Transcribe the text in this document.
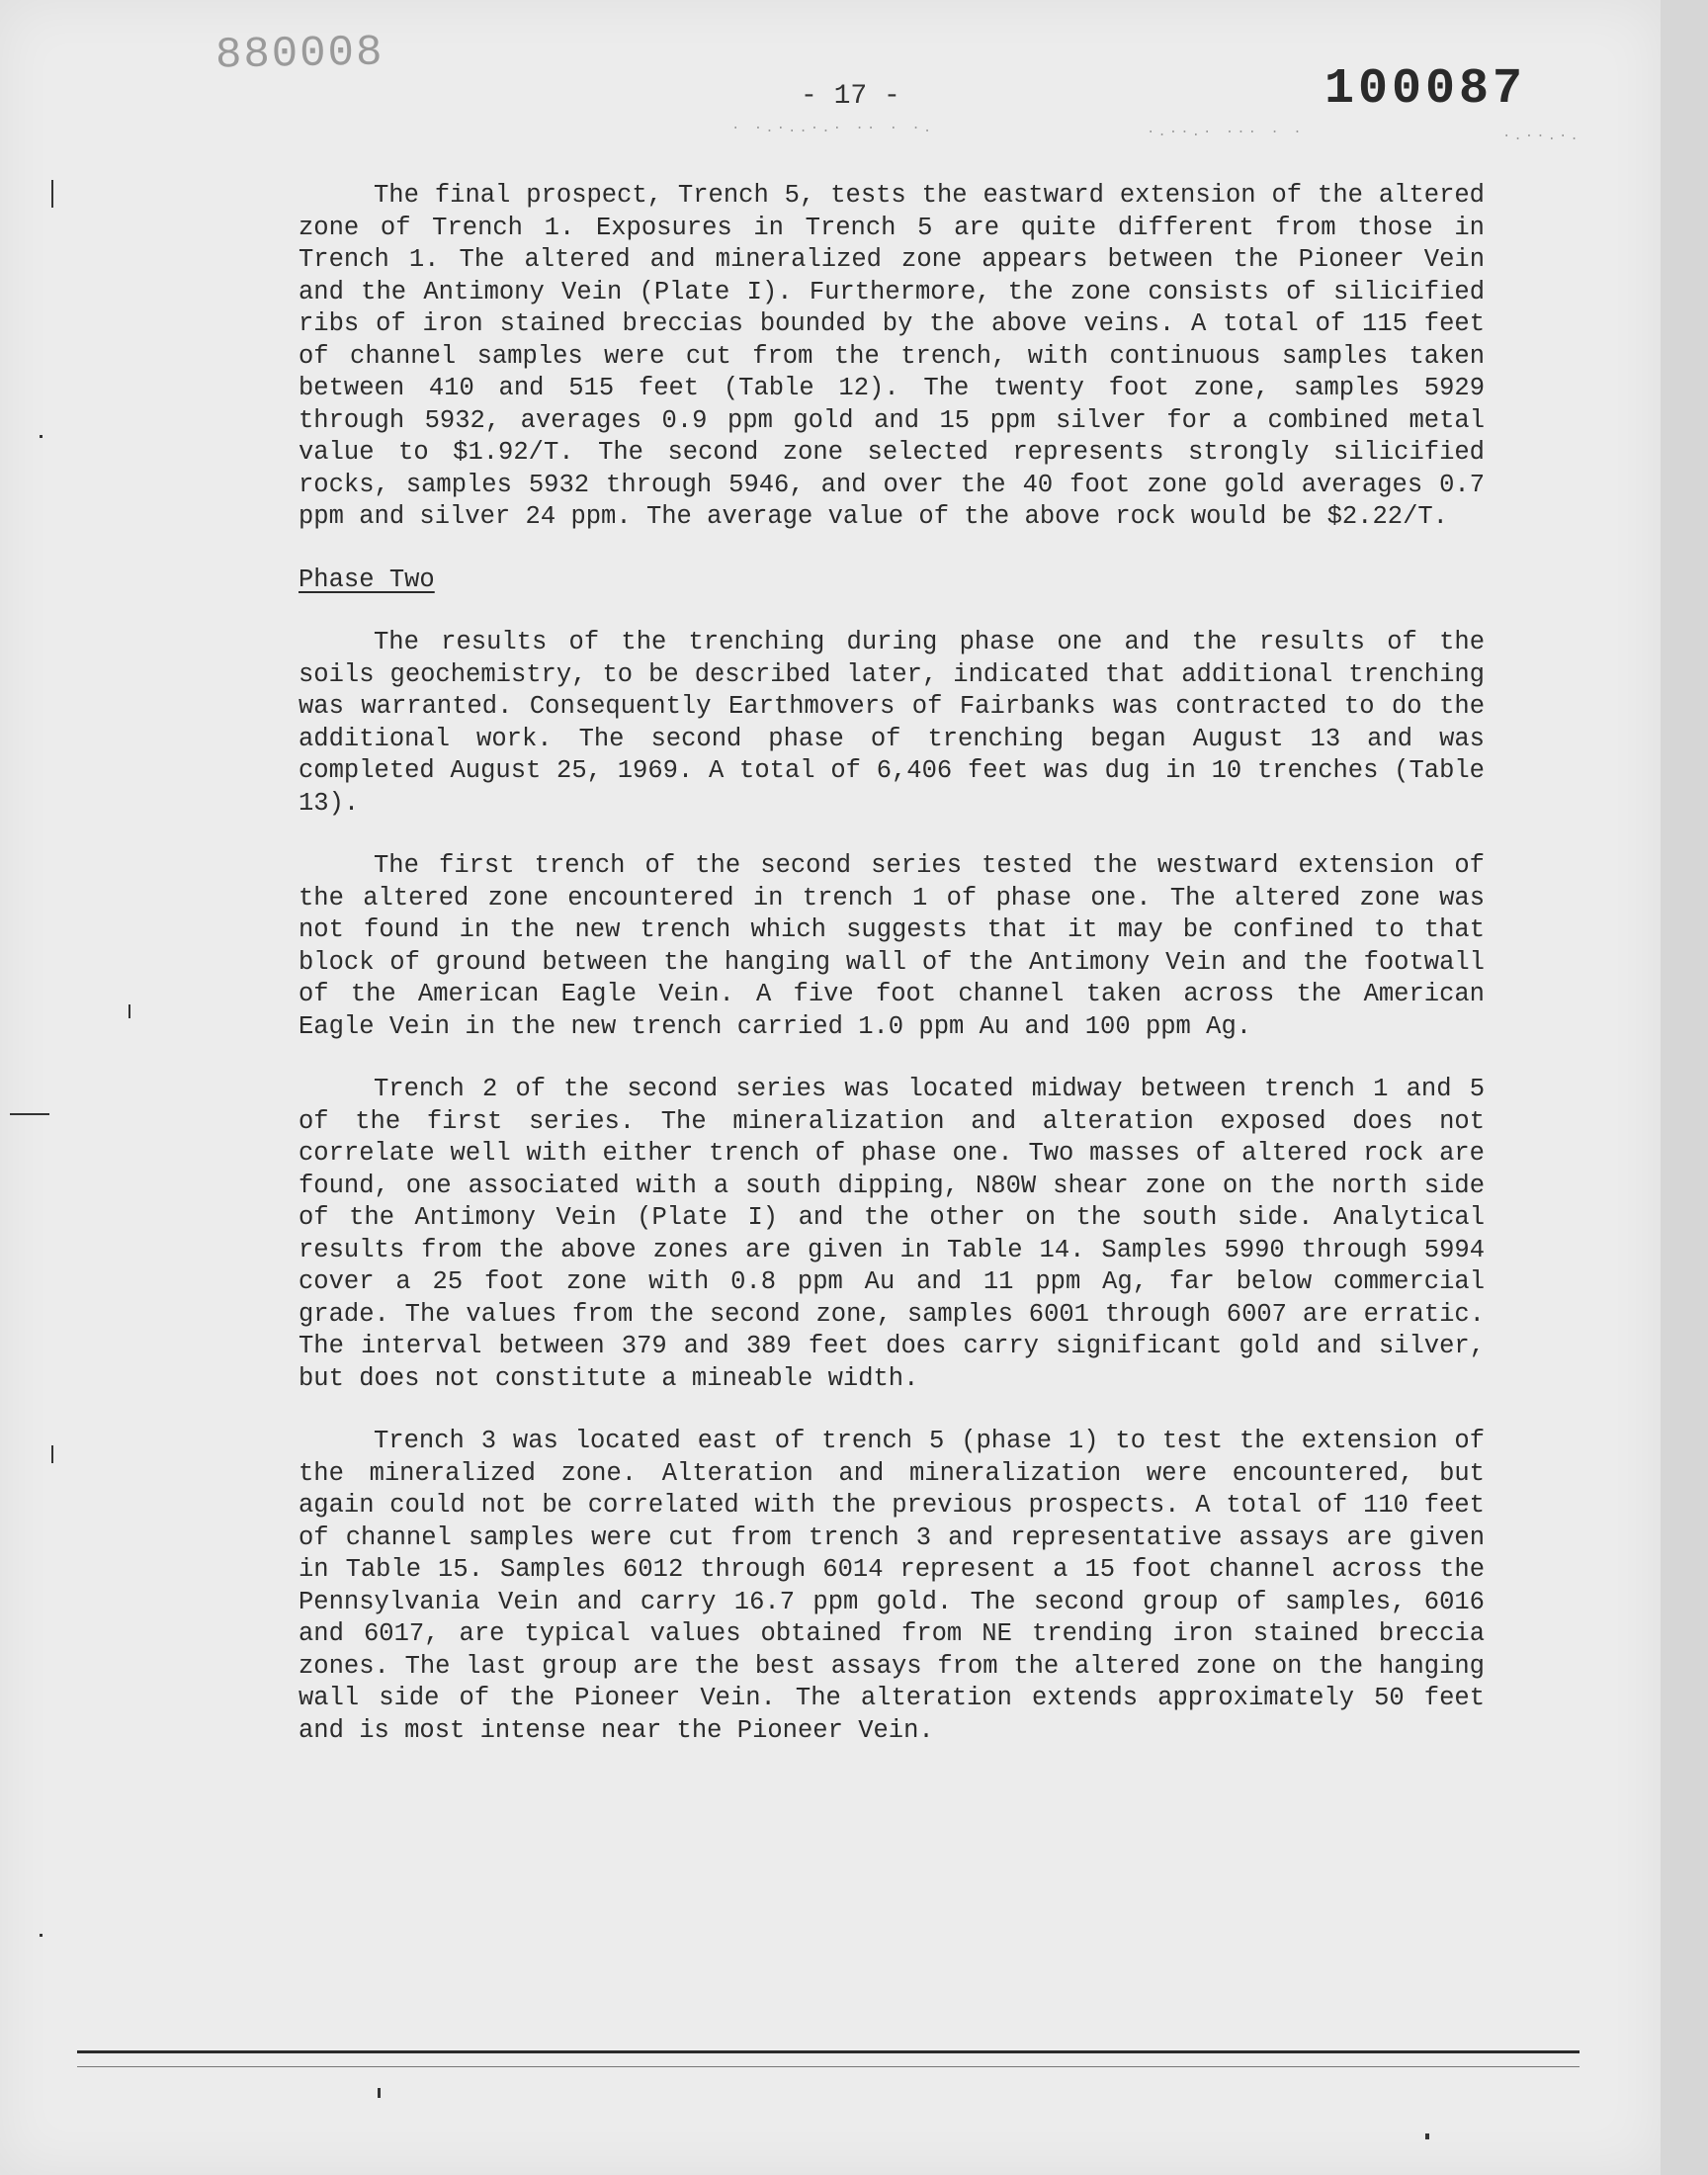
880008
- 17 -	100087
· ·.·..·.· ·· · ·.	·.··.· ··· · ·	·.··.·.
The final prospect, Trench 5, tests the eastward extension of the altered zone of Trench 1. Exposures in Trench 5 are quite different from those in Trench 1. The altered and mineralized zone appears between the Pioneer Vein and the Antimony Vein (Plate I). Furthermore, the zone consists of silicified ribs of iron stained breccias bounded by the above veins. A total of 115 feet of channel samples were cut from the trench, with continuous samples taken between 410 and 515 feet (Table 12). The twenty foot zone, samples 5929 through 5932, averages 0.9 ppm gold and 15 ppm silver for a combined metal value to $1.92/T. The second zone selected represents strongly silicified rocks, samples 5932 through 5946, and over the 40 foot zone gold averages 0.7 ppm and silver 24 ppm. The average value of the above rock would be $2.22/T.
Phase Two
The results of the trenching during phase one and the results of the soils geochemistry, to be described later, indicated that additional trenching was warranted. Consequently Earthmovers of Fairbanks was contracted to do the additional work. The second phase of trenching began August 13 and was completed August 25, 1969. A total of 6,406 feet was dug in 10 trenches (Table 13).
The first trench of the second series tested the westward extension of the altered zone encountered in trench 1 of phase one. The altered zone was not found in the new trench which suggests that it may be confined to that block of ground between the hanging wall of the Antimony Vein and the footwall of the American Eagle Vein. A five foot channel taken across the American Eagle Vein in the new trench carried 1.0 ppm Au and 100 ppm Ag.
Trench 2 of the second series was located midway between trench 1 and 5 of the first series. The mineralization and alteration exposed does not correlate well with either trench of phase one. Two masses of altered rock are found, one associated with a south dipping, N80W shear zone on the north side of the Antimony Vein (Plate I) and the other on the south side. Analytical results from the above zones are given in Table 14. Samples 5990 through 5994 cover a 25 foot zone with 0.8 ppm Au and 11 ppm Ag, far below commercial grade. The values from the second zone, samples 6001 through 6007 are erratic. The interval between 379 and 389 feet does carry significant gold and silver, but does not constitute a mineable width.
Trench 3 was located east of trench 5 (phase 1) to test the extension of the mineralized zone. Alteration and mineralization were encountered, but again could not be correlated with the previous prospects. A total of 110 feet of channel samples were cut from trench 3 and representative assays are given in Table 15. Samples 6012 through 6014 represent a 15 foot channel across the Pennsylvania Vein and carry 16.7 ppm gold. The second group of samples, 6016 and 6017, are typical values obtained from NE trending iron stained breccia zones. The last group are the best assays from the altered zone on the hanging wall side of the Pioneer Vein. The alteration extends approximately 50 feet and is most intense near the Pioneer Vein.
